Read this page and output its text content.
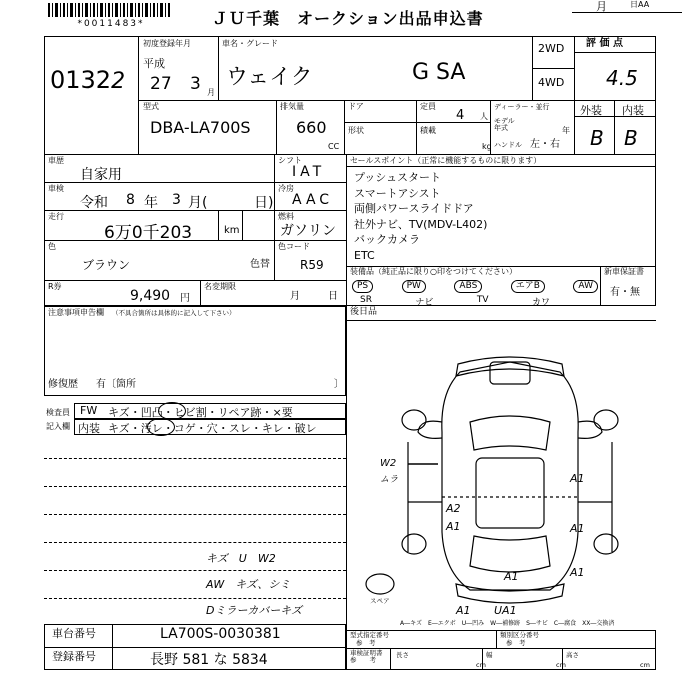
*0011483*	ＪＵ千葉　オークション出品申込書
月	日AA
01322
初度登録年月
平成
27 3 月
車名・グレード
ウェイク	G SA
2WD
4WD
評 価 点
4.5
外装 内装
B B
型式
DBA-LA700S
排気量
660
CC
ドア	定員
4 人
形状	積載
kg
ディーラー・並行
モデル
年式	年
ハンドル 左・右
車歴
自家用
車検
令和 8 年 3 月(	日)
走行
6万0千203	km
シフト
IAT
冷房
AAC
燃料
ガソリン
色
ブラウン	色替
色コード
R59
R券
9,490 円
名変期限
月	日
セールスポイント（正常に機能するものに限ります）
プッシュスタート
スマートアシスト
両側パワースライドドア
社外ナビ、TV(MDV-L402)
バックカメラ
ETC
装備品（純正品に限り○印をつけてください）
PS	PW	ABS	エアB	AW
SR	ナビ	TV	カワ
新車保証書
有・無
注意事項申告欄 （不具合箇所は具体的に記入して下さい）
修復歴 有〔箇所	〕
後日品
検査員
記入欄
FW キズ・凹凸・ヒビ割・リペア跡・×要
内装 キズ・汚レ・コゲ・穴・スレ・キレ・破レ
キズ　U　W2
AW　キズ、シミ
Dミラーカバーキズ
W2
ムラ
A2
A1
A1
A1
A1
A1
A1 UA1
スペア
A―キズ　E―エクボ　U―凹み　W―補修跡　S―サビ　C―腐食　XX―交換済
車台番号	LA700S-0030381
登録番号	長野 581 な 5834
型式指定番号
参　考
類別区分番号
参　考
車検証明書
参　　考
長さ
cm
幅
cm
高さ
cm
